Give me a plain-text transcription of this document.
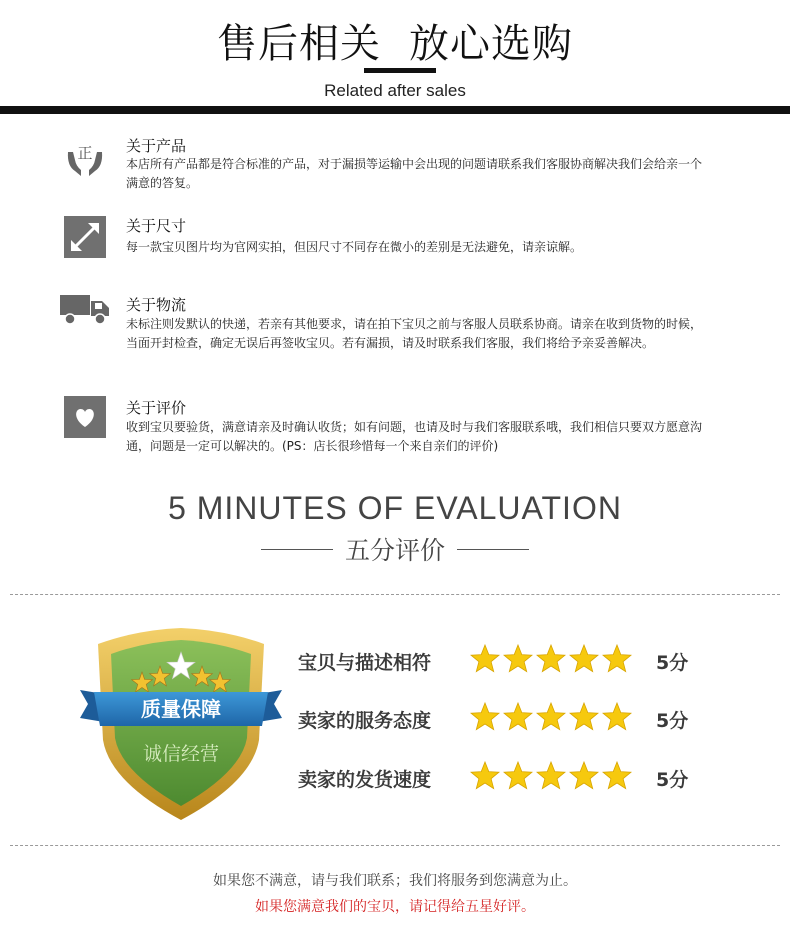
售后相关 放心选购
Related after sales
正 关于产品
本店所有产品都是符合标准的产品，对于漏损等运输中会出现的问题请联系我们客服协商解决我们会给亲一个满意的答复。
关于尺寸
每一款宝贝图片均为官网实拍，但因尺寸不同存在微小的差别是无法避免，请亲谅解。
关于物流
未标注则发默认的快递，若亲有其他要求，请在拍下宝贝之前与客服人员联系协商。请亲在收到货物的时候，当面开封检查，确定无误后再签收宝贝。若有漏损，请及时联系我们客服，我们将给予亲妥善解决。
关于评价
收到宝贝要验货，满意请亲及时确认收货；如有问题，也请及时与我们客服联系哦，我们相信只要双方愿意沟通，问题是一定可以解决的。(PS：店长很珍惜每一个来自亲们的评价)
5 MINUTES OF EVALUATION
五分评价
质量保障
诚信经营
宝贝与描述相符	5分
卖家的服务态度	5分
卖家的发货速度	5分
如果您不满意，请与我们联系；我们将服务到您满意为止。
如果您满意我们的宝贝，请记得给五星好评。
